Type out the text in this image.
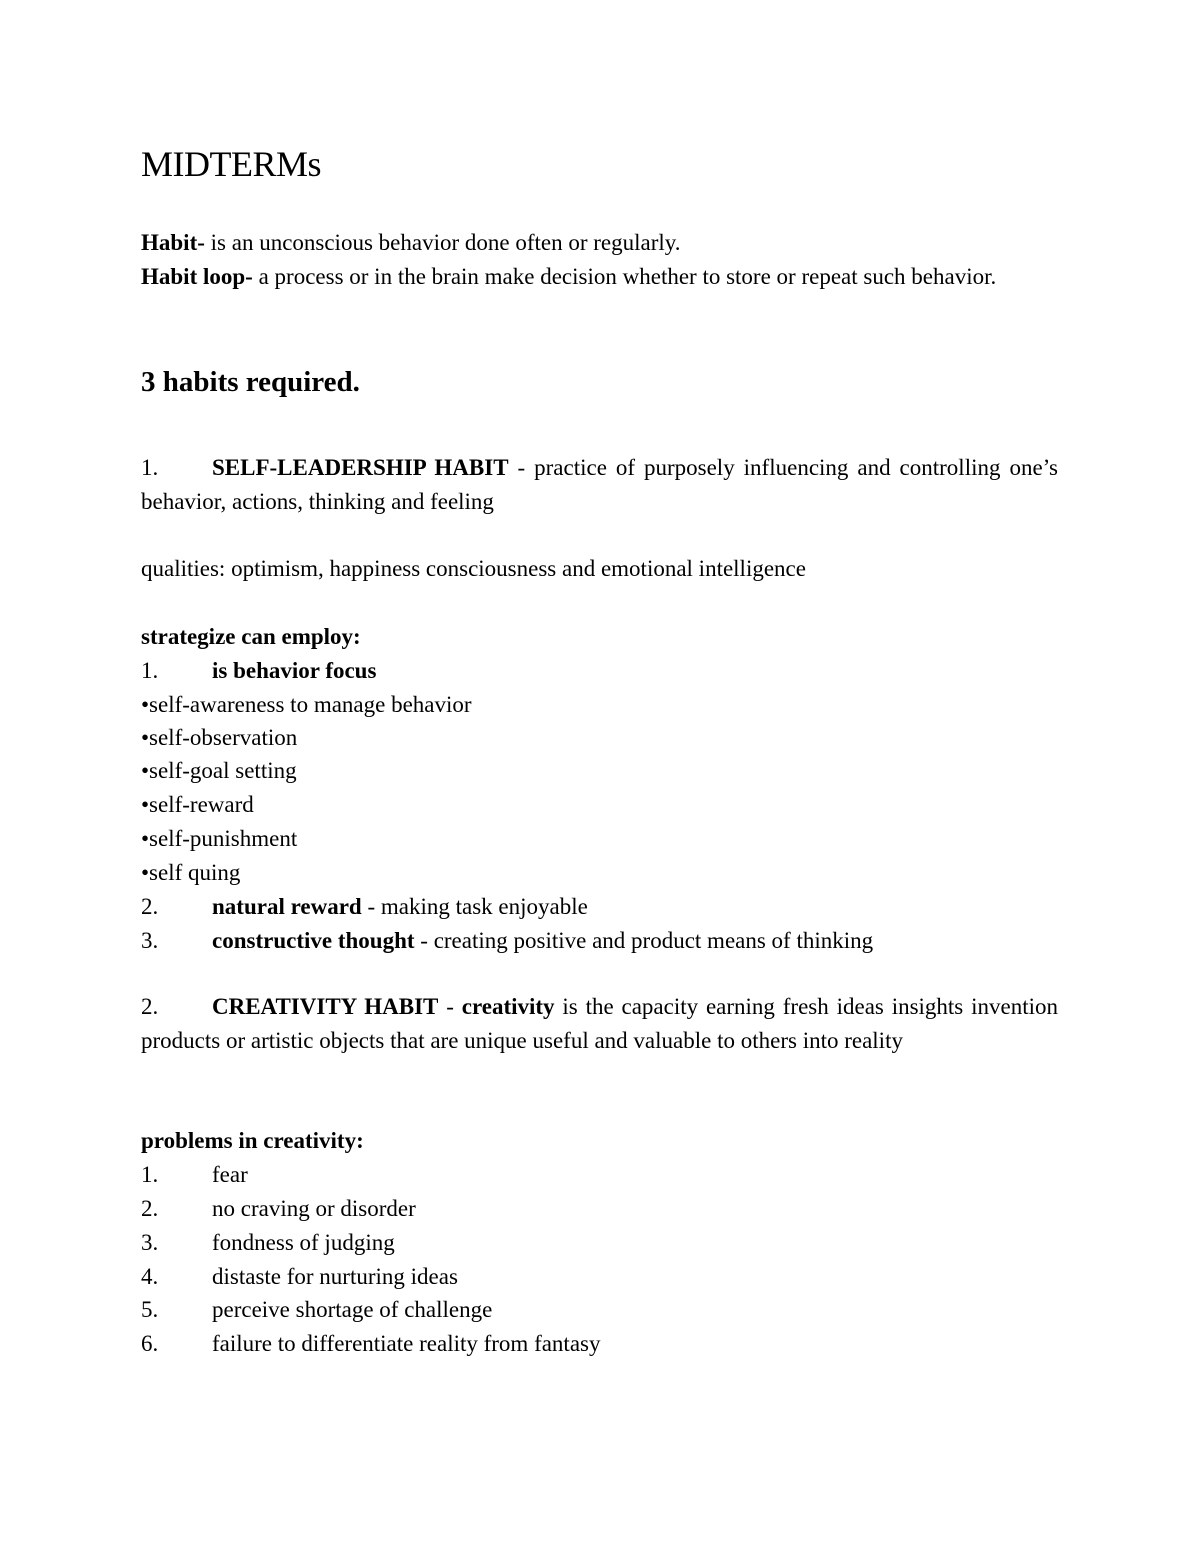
MIDTERMs
Habit- is an unconscious behavior done often or regularly.
Habit loop- a process or in the brain make decision whether to store or repeat such behavior.
3 habits required.
1. SELF-LEADERSHIP HABIT - practice of purposely influencing and controlling one’s behavior, actions, thinking and feeling
qualities: optimism, happiness consciousness and emotional intelligence
strategize can employ:
1. is behavior focus
•self-awareness to manage behavior
•self-observation
•self-goal setting
•self-reward
•self-punishment
•self quing
2. natural reward - making task enjoyable
3. constructive thought - creating positive and product means of thinking
2. CREATIVITY HABIT - creativity is the capacity earning fresh ideas insights invention products or artistic objects that are unique useful and valuable to others into reality
problems in creativity:
1. fear
2. no craving or disorder
3. fondness of judging
4. distaste for nurturing ideas
5. perceive shortage of challenge
6. failure to differentiate reality from fantasy
